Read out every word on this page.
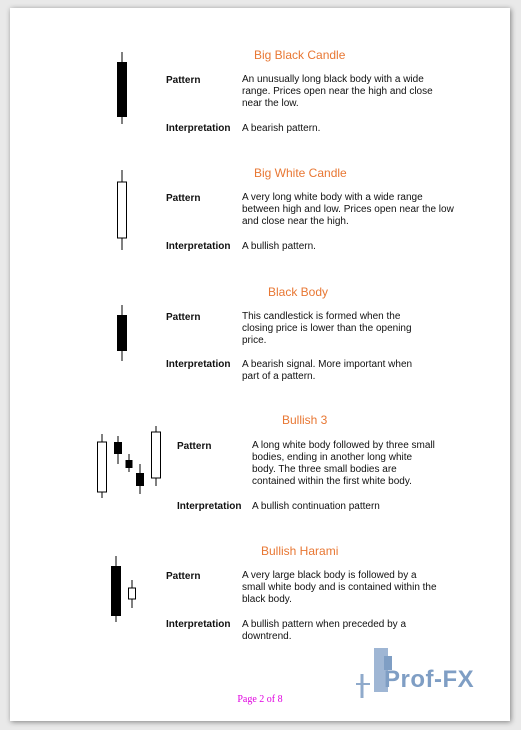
Big Black Candle
Pattern	An unusually long black body with a wide range. Prices open near the high and close near the low.
Interpretation A bearish pattern.
Big White Candle
Pattern	A very long white body with a wide range between high and low. Prices open near the low and close near the high.
Interpretation A bullish pattern.
Black Body
Pattern	This candlestick is formed when the closing price is lower than the opening price.
Interpretation A bearish signal. More important when part of a pattern.
Bullish 3
Pattern	A long white body followed by three small bodies, ending in another long white body. The three small bodies are contained within the first white body.
Interpretation A bullish continuation pattern
Bullish Harami
Pattern	A very large black body is followed by a small white body and is contained within the black body.
Interpretation A bullish pattern when preceded by a downtrend.
Prof-FX
Page 2 of 8
